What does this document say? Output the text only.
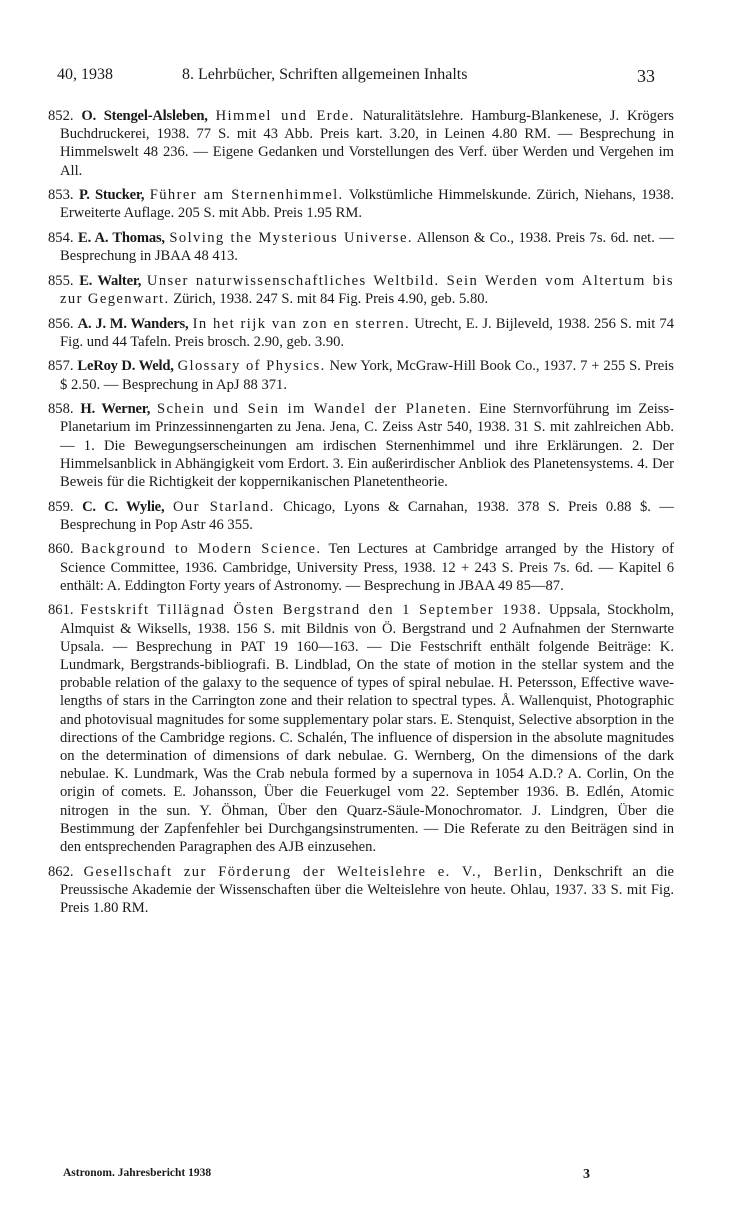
40, 1938	8. Lehrbücher, Schriften allgemeinen Inhalts	33

852. O. Stengel-Alsleben, Himmel und Erde. Naturalitätslehre. Hamburg-Blankenese, J. Krögers Buchdruckerei, 1938. 77 S. mit 43 Abb. Preis kart. 3.20, in Leinen 4.80 RM. — Besprechung in Himmelswelt 48 236. — Eigene Gedanken und Vorstellungen des Verf. über Werden und Vergehen im All.

853. P. Stucker, Führer am Sternenhimmel. Volkstümliche Himmelskunde. Zürich, Niehans, 1938. Erweiterte Auflage. 205 S. mit Abb. Preis 1.95 RM.

854. E. A. Thomas, Solving the Mysterious Universe. Allenson & Co., 1938. Preis 7s. 6d. net. — Besprechung in JBAA 48 413.

855. E. Walter, Unser naturwissenschaftliches Weltbild. Sein Werden vom Altertum bis zur Gegenwart. Zürich, 1938. 247 S. mit 84 Fig. Preis 4.90, geb. 5.80.

856. A. J. M. Wanders, In het rijk van zon en sterren. Utrecht, E. J. Bijleveld, 1938. 256 S. mit 74 Fig. und 44 Tafeln. Preis brosch. 2.90, geb. 3.90.

857. LeRoy D. Weld, Glossary of Physics. New York, McGraw-Hill Book Co., 1937. 7 + 255 S. Preis $ 2.50. — Besprechung in ApJ 88 371.

858. H. Werner, Schein und Sein im Wandel der Planeten. Eine Sternvorführung im Zeiss-Planetarium im Prinzessinnengarten zu Jena. Jena, C. Zeiss Astr 540, 1938. 31 S. mit zahlreichen Abb. — 1. Die Bewegungserscheinungen am irdischen Sternenhimmel und ihre Erklärungen. 2. Der Himmelsanblick in Abhängigkeit vom Erdort. 3. Ein außerirdischer Anbliok des Planetensystems. 4. Der Beweis für die Richtigkeit der koppernikanischen Planetentheorie.

859. C. C. Wylie, Our Starland. Chicago, Lyons & Carnahan, 1938. 378 S. Preis 0.88 $. — Besprechung in Pop Astr 46 355.

860. Background to Modern Science. Ten Lectures at Cambridge arranged by the History of Science Committee, 1936. Cambridge, University Press, 1938. 12 + 243 S. Preis 7s. 6d. — Kapitel 6 enthält: A. Eddington Forty years of Astronomy. — Besprechung in JBAA 49 85—87.

861. Festskrift Tillägnad Östen Bergstrand den 1 September 1938. Uppsala, Stockholm, Almquist & Wiksells, 1938. 156 S. mit Bildnis von Ö. Bergstrand und 2 Aufnahmen der Sternwarte Upsala. — Besprechung in PAT 19 160—163. — Die Festschrift enthält folgende Beiträge: K. Lundmark, Bergstrands-bibliografi. B. Lindblad, On the state of motion in the stellar system and the probable relation of the galaxy to the sequence of types of spiral nebulae. H. Petersson, Effective wave-lengths of stars in the Carrington zone and their relation to spectral types. Å. Wallenquist, Photographic and photovisual magnitudes for some supplementary polar stars. E. Stenquist, Selective absorption in the directions of the Cambridge regions. C. Schalén, The influence of dispersion in the absolute magnitudes on the determination of dimensions of dark nebulae. G. Wernberg, On the dimensions of the dark nebulae. K. Lundmark, Was the Crab nebula formed by a supernova in 1054 A.D.? A. Corlin, On the origin of comets. E. Johansson, Über die Feuerkugel vom 22. September 1936. B. Edlén, Atomic nitrogen in the sun. Y. Öhman, Über den Quarz-Säule-Monochromator. J. Lindgren, Über die Bestimmung der Zapfenfehler bei Durchgangsinstrumenten. — Die Referate zu den Beiträgen sind in den entsprechenden Paragraphen des AJB einzusehen.

862. Gesellschaft zur Förderung der Welteislehre e. V., Berlin, Denkschrift an die Preussische Akademie der Wissenschaften über die Welteislehre von heute. Ohlau, 1937. 33 S. mit Fig. Preis 1.80 RM.

Astronom. Jahresbericht 1938	3
